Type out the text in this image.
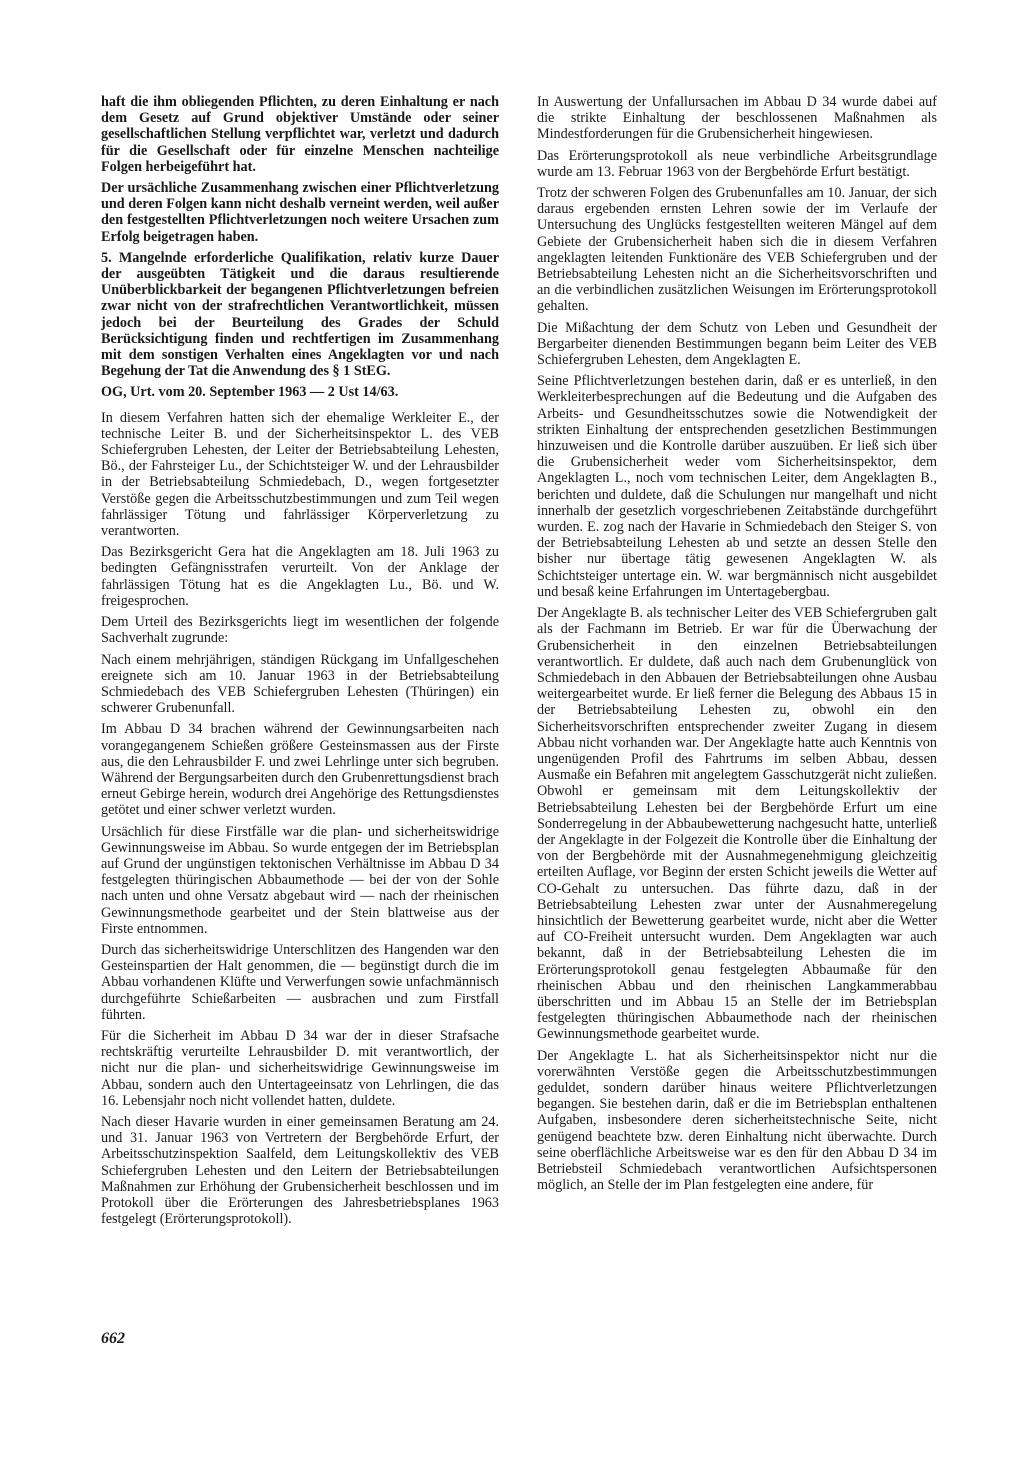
haft die ihm obliegenden Pflichten, zu deren Einhaltung er nach dem Gesetz auf Grund objektiver Umstände oder seiner gesellschaftlichen Stellung verpflichtet war, verletzt und dadurch für die Gesellschaft oder für einzelne Menschen nachteilige Folgen herbeigeführt hat.

Der ursächliche Zusammenhang zwischen einer Pflichtverletzung und deren Folgen kann nicht deshalb verneint werden, weil außer den festgestellten Pflichtverletzungen noch weitere Ursachen zum Erfolg beigetragen haben.

5. Mangelnde erforderliche Qualifikation, relativ kurze Dauer der ausgeübten Tätigkeit und die daraus resultierende Unüberblickbarkeit der begangenen Pflichtverletzungen befreien zwar nicht von der strafrechtlichen Verantwortlichkeit, müssen jedoch bei der Beurteilung des Grades der Schuld Berücksichtigung finden und rechtfertigen im Zusammenhang mit dem sonstigen Verhalten eines Angeklagten vor und nach Begehung der Tat die Anwendung des § 1 StEG.

OG, Urt. vom 20. September 1963 — 2 Ust 14/63.

In diesem Verfahren hatten sich der ehemalige Werkleiter E., der technische Leiter B. und der Sicherheitsinspektor L. des VEB Schiefergruben Lehesten, der Leiter der Betriebsabteilung Lehesten, Bö., der Fahrsteiger Lu., der Schichtsteiger W. und der Lehrausbilder in der Betriebsabteilung Schmiedebach, D., wegen fortgesetzter Verstöße gegen die Arbeitsschutzbestimmungen und zum Teil wegen fahrlässiger Tötung und fahrlässiger Körperverletzung zu verantworten.

Das Bezirksgericht Gera hat die Angeklagten am 18. Juli 1963 zu bedingten Gefängnisstrafen verurteilt. Von der Anklage der fahrlässigen Tötung hat es die Angeklagten Lu., Bö. und W. freigesprochen.

Dem Urteil des Bezirksgerichts liegt im wesentlichen der folgende Sachverhalt zugrunde:

Nach einem mehrjährigen, ständigen Rückgang im Unfallgeschehen ereignete sich am 10. Januar 1963 in der Betriebsabteilung Schmiedebach des VEB Schiefergruben Lehesten (Thüringen) ein schwerer Grubenunfall.

Im Abbau D 34 brachen während der Gewinnungsarbeiten nach vorangegangenem Schießen größere Gesteinsmassen aus der Firste aus, die den Lehrausbilder F. und zwei Lehrlinge unter sich begruben. Während der Bergungsarbeiten durch den Grubenrettungsdienst brach erneut Gebirge herein, wodurch drei Angehörige des Rettungsdienstes getötet und einer schwer verletzt wurden.

Ursächlich für diese Firstfälle war die plan- und sicherheitswidrige Gewinnungsweise im Abbau. So wurde entgegen der im Betriebsplan auf Grund der ungünstigen tektonischen Verhältnisse im Abbau D 34 festgelegten thüringischen Abbaumethode — bei der von der Sohle nach unten und ohne Versatz abgebaut wird — nach der rheinischen Gewinnungsmethode gearbeitet und der Stein blattweise aus der Firste entnommen.

Durch das sicherheitswidrige Unterschlitzen des Hangenden war den Gesteinspartien der Halt genommen, die — begünstigt durch die im Abbau vorhandenen Klüfte und Verwerfungen sowie unfachmännisch durchgeführte Schießarbeiten — ausbrachen und zum Firstfall führten.

Für die Sicherheit im Abbau D 34 war der in dieser Strafsache rechtskräftig verurteilte Lehrausbilder D. mit verantwortlich, der nicht nur die plan- und sicherheitswidrige Gewinnungsweise im Abbau, sondern auch den Untertageeinsatz von Lehrlingen, die das 16. Lebensjahr noch nicht vollendet hatten, duldete.

Nach dieser Havarie wurden in einer gemeinsamen Beratung am 24. und 31. Januar 1963 von Vertretern der Bergbehörde Erfurt, der Arbeitsschutzinspektion Saalfeld, dem Leitungskollektiv des VEB Schiefergruben Lehesten und den Leitern der Betriebsabteilungen Maßnahmen zur Erhöhung der Grubensicherheit beschlossen und im Protokoll über die Erörterungen des Jahresbetriebsplanes 1963 festgelegt (Erörterungsprotokoll).

In Auswertung der Unfallursachen im Abbau D 34 wurde dabei auf die strikte Einhaltung der beschlossenen Maßnahmen als Mindestforderungen für die Grubensicherheit hingewiesen.

Das Erörterungsprotokoll als neue verbindliche Arbeitsgrundlage wurde am 13. Februar 1963 von der Bergbehörde Erfurt bestätigt.

Trotz der schweren Folgen des Grubenunfalles am 10. Januar, der sich daraus ergebenden ernsten Lehren sowie der im Verlaufe der Untersuchung des Unglücks festgestellten weiteren Mängel auf dem Gebiete der Grubensicherheit haben sich die in diesem Verfahren angeklagten leitenden Funktionäre des VEB Schiefergruben und der Betriebsabteilung Lehesten nicht an die Sicherheitsvorschriften und an die verbindlichen zusätzlichen Weisungen im Erörterungsprotokoll gehalten.

Die Mißachtung der dem Schutz von Leben und Gesundheit der Bergarbeiter dienenden Bestimmungen begann beim Leiter des VEB Schiefergruben Lehesten, dem Angeklagten E.

Seine Pflichtverletzungen bestehen darin, daß er es unterließ, in den Werkleiterbesprechungen auf die Bedeutung und die Aufgaben des Arbeits- und Gesundheitsschutzes sowie die Notwendigkeit der strikten Einhaltung der entsprechenden gesetzlichen Bestimmungen hinzuweisen und die Kontrolle darüber auszuüben. Er ließ sich über die Grubensicherheit weder vom Sicherheitsinspektor, dem Angeklagten L., noch vom technischen Leiter, dem Angeklagten B., berichten und duldete, daß die Schulungen nur mangelhaft und nicht innerhalb der gesetzlich vorgeschriebenen Zeitabstände durchgeführt wurden. E. zog nach der Havarie in Schmiedebach den Steiger S. von der Betriebsabteilung Lehesten ab und setzte an dessen Stelle den bisher nur übertage tätig gewesenen Angeklagten W. als Schichtsteiger untertage ein. W. war bergmännisch nicht ausgebildet und besaß keine Erfahrungen im Untertagebergbau.

Der Angeklagte B. als technischer Leiter des VEB Schiefergruben galt als der Fachmann im Betrieb. Er war für die Überwachung der Grubensicherheit in den einzelnen Betriebsabteilungen verantwortlich. Er duldete, daß auch nach dem Grubenunglück von Schmiedebach in den Abbauen der Betriebsabteilungen ohne Ausbau weitergearbeitet wurde. Er ließ ferner die Belegung des Abbaus 15 in der Betriebsabteilung Lehesten zu, obwohl ein den Sicherheitsvorschriften entsprechender zweiter Zugang in diesem Abbau nicht vorhanden war. Der Angeklagte hatte auch Kenntnis von ungenügenden Profil des Fahrtrums im selben Abbau, dessen Ausmaße ein Befahren mit angelegtem Gasschutzgerät nicht zuließen. Obwohl er gemeinsam mit dem Leitungskollektiv der Betriebsabteilung Lehesten bei der Bergbehörde Erfurt um eine Sonderregelung in der Abbaubewetterung nachgesucht hatte, unterließ der Angeklagte in der Folgezeit die Kontrolle über die Einhaltung der von der Bergbehörde mit der Ausnahmegenehmigung gleichzeitig erteilten Auflage, vor Beginn der ersten Schicht jeweils die Wetter auf CO-Gehalt zu untersuchen. Das führte dazu, daß in der Betriebsabteilung Lehesten zwar unter der Ausnahmeregelung hinsichtlich der Bewetterung gearbeitet wurde, nicht aber die Wetter auf CO-Freiheit untersucht wurden. Dem Angeklagten war auch bekannt, daß in der Betriebsabteilung Lehesten die im Erörterungsprotokoll genau festgelegten Abbaumaße für den rheinischen Abbau und den rheinischen Langkammerabbau überschritten und im Abbau 15 an Stelle der im Betriebsplan festgelegten thüringischen Abbaumethode nach der rheinischen Gewinnungsmethode gearbeitet wurde.

Der Angeklagte L. hat als Sicherheitsinspektor nicht nur die vorerwähnten Verstöße gegen die Arbeitsschutzbestimmungen geduldet, sondern darüber hinaus weitere Pflichtverletzungen begangen. Sie bestehen darin, daß er die im Betriebsplan enthaltenen Aufgaben, insbesondere deren sicherheitstechnische Seite, nicht genügend beachtete bzw. deren Einhaltung nicht überwachte. Durch seine oberflächliche Arbeitsweise war es den für den Abbau D 34 im Betriebsteil Schmiedebach verantwortlichen Aufsichtspersonen möglich, an Stelle der im Plan festgelegten eine andere, für

662
